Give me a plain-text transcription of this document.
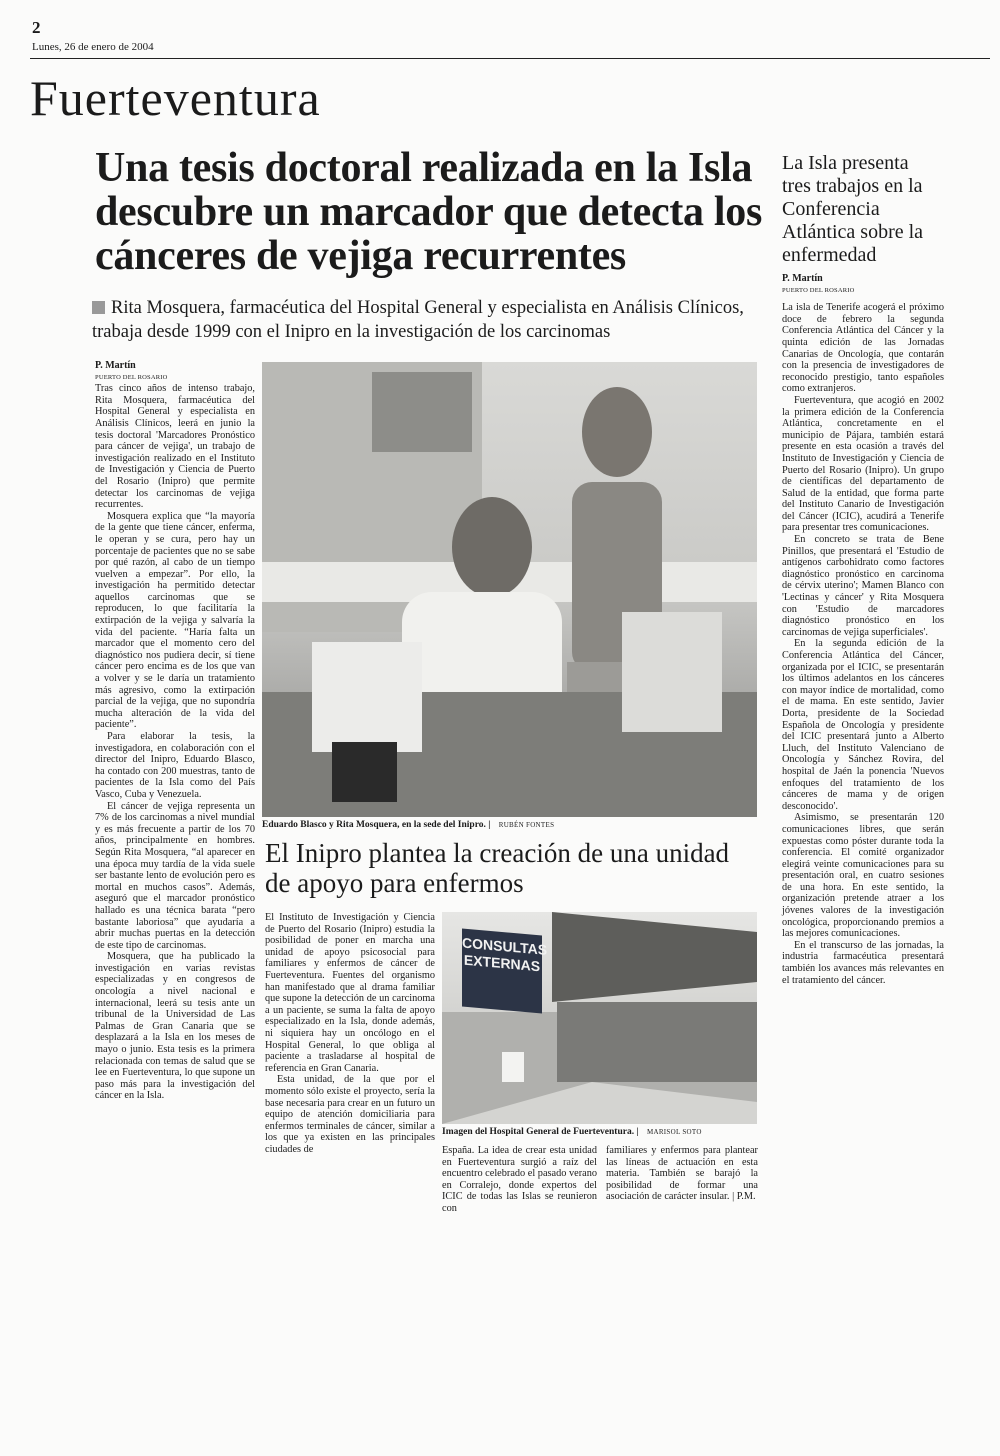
2
Lunes, 26 de enero de 2004
Fuerteventura
Una tesis doctoral realizada en la Isla descubre un marcador que detecta los cánceres de vejiga recurrentes
Rita Mosquera, farmacéutica del Hospital General y especialista en Análisis Clínicos, trabaja desde 1999 con el Inipro en la investigación de los carcinomas
P. Martín
PUERTO DEL ROSARIO

Tras cinco años de intenso trabajo, Rita Mosquera, farmacéutica del Hospital General y especialista en Análisis Clínicos, leerá en junio la tesis doctoral 'Marcadores Pronóstico para cáncer de vejiga', un trabajo de investigación realizado en el Instituto de Investigación y Ciencia de Puerto del Rosario (Inipro) que permite detectar los carcinomas de vejiga recurrentes.

Mosquera explica que “la mayoría de la gente que tiene cáncer, enferma, le operan y se cura, pero hay un porcentaje de pacientes que no se sabe por qué razón, al cabo de un tiempo vuelven a empezar”. Por ello, la investigación ha permitido detectar aquellos carcinomas que se reproducen, lo que facilitaría la extirpación de la vejiga y salvaría la vida del paciente. “Haría falta un marcador que el momento cero del diagnóstico nos pudiera decir, sí tiene cáncer pero encima es de los que van a volver y se le daría un tratamiento más agresivo, como la extirpación parcial de la vejiga, que no supondría mucha alteración de la vida del paciente”.

Para elaborar la tesis, la investigadora, en colaboración con el director del Inipro, Eduardo Blasco, ha contado con 200 muestras, tanto de pacientes de la Isla como del País Vasco, Cuba y Venezuela.

El cáncer de vejiga representa un 7% de los carcinomas a nivel mundial y es más frecuente a partir de los 70 años, principalmente en hombres. Según Rita Mosquera, “al aparecer en una época muy tardía de la vida suele ser bastante lento de evolución pero es mortal en muchos casos”. Además, aseguró que el marcador pronóstico hallado es una técnica barata “pero bastante laboriosa” que ayudaría a abrir muchas puertas en la detección de este tipo de carcinomas.

Mosquera, que ha publicado la investigación en varias revistas especializadas y en congresos de oncología a nivel nacional e internacional, leerá su tesis ante un tribunal de la Universidad de Las Palmas de Gran Canaria que se desplazará a la Isla en los meses de mayo o junio. Esta tesis es la primera relacionada con temas de salud que se lee en Fuerteventura, lo que supone un paso más para la investigación del cáncer en la Isla.

Eduardo Blasco y Rita Mosquera, en la sede del Inipro. | RUBÉN FONTES
El Inipro plantea la creación de una unidad de apoyo para enfermos

El Instituto de Investigación y Ciencia de Puerto del Rosario (Inipro) estudia la posibilidad de poner en marcha una unidad de apoyo psicosocial para familiares y enfermos de cáncer de Fuerteventura. Fuentes del organismo han manifestado que al drama familiar que supone la detección de un carcinoma a un paciente, se suma la falta de apoyo especializado en la Isla, donde además, ni siquiera hay un oncólogo en el Hospital General, lo que obliga al paciente a trasladarse al hospital de referencia en Gran Canaria.

Esta unidad, de la que por el momento sólo existe el proyecto, sería la base necesaria para crear en un futuro un equipo de atención domiciliaria para enfermos terminales de cáncer, similar a los que ya existen en las principales ciudades de

CONSULTAS EXTERNAS
Imagen del Hospital General de Fuerteventura. | MARISOL SOTO

España. La idea de crear esta unidad en Fuerteventura surgió a raíz del encuentro celebrado el pasado verano en Corralejo, donde expertos del ICIC de todas las Islas se reunieron con

familiares y enfermos para plantear las líneas de actuación en esta materia. También se barajó la posibilidad de formar una asociación de carácter insular. | P.M.

La Isla presenta tres trabajos en la Conferencia Atlántica sobre la enfermedad
P. Martín
PUERTO DEL ROSARIO

La isla de Tenerife acogerá el próximo doce de febrero la segunda Conferencia Atlántica del Cáncer y la quinta edición de las Jornadas Canarias de Oncología, que contarán con la presencia de investigadores de reconocido prestigio, tanto españoles como extranjeros.

Fuerteventura, que acogió en 2002 la primera edición de la Conferencia Atlántica, concretamente en el municipio de Pájara, también estará presente en esta ocasión a través del Instituto de Investigación y Ciencia de Puerto del Rosario (Inipro). Un grupo de científicas del departamento de Salud de la entidad, que forma parte del Instituto Canario de Investigación del Cáncer (ICIC), acudirá a Tenerife para presentar tres comunicaciones.

En concreto se trata de Bene Pinillos, que presentará el 'Estudio de antígenos carbohidrato como factores diagnóstico pronóstico en carcinoma de cérvix uterino'; Mamen Blanco con 'Lectinas y cáncer' y Rita Mosquera con 'Estudio de marcadores diagnóstico pronóstico en los carcinomas de vejiga superficiales'.

En la segunda edición de la Conferencia Atlántica del Cáncer, organizada por el ICIC, se presentarán los últimos adelantos en los cánceres con mayor índice de mortalidad, como el de mama. En este sentido, Javier Dorta, presidente de la Sociedad Española de Oncología y presidente del ICIC presentará junto a Alberto Lluch, del Instituto Valenciano de Oncología y Sánchez Rovira, del hospital de Jaén la ponencia 'Nuevos enfoques del tratamiento de los cánceres de mama y de origen desconocido'.

Asimismo, se presentarán 120 comunicaciones libres, que serán expuestas como póster durante toda la conferencia. El comité organizador elegirá veinte comunicaciones para su presentación oral, en cuatro sesiones de una hora. En este sentido, la organización pretende atraer a los jóvenes valores de la investigación oncológica, proporcionando premios a las mejores comunicaciones.

En el transcurso de las jornadas, la industria farmacéutica presentará también los avances más relevantes en el tratamiento del cáncer.
